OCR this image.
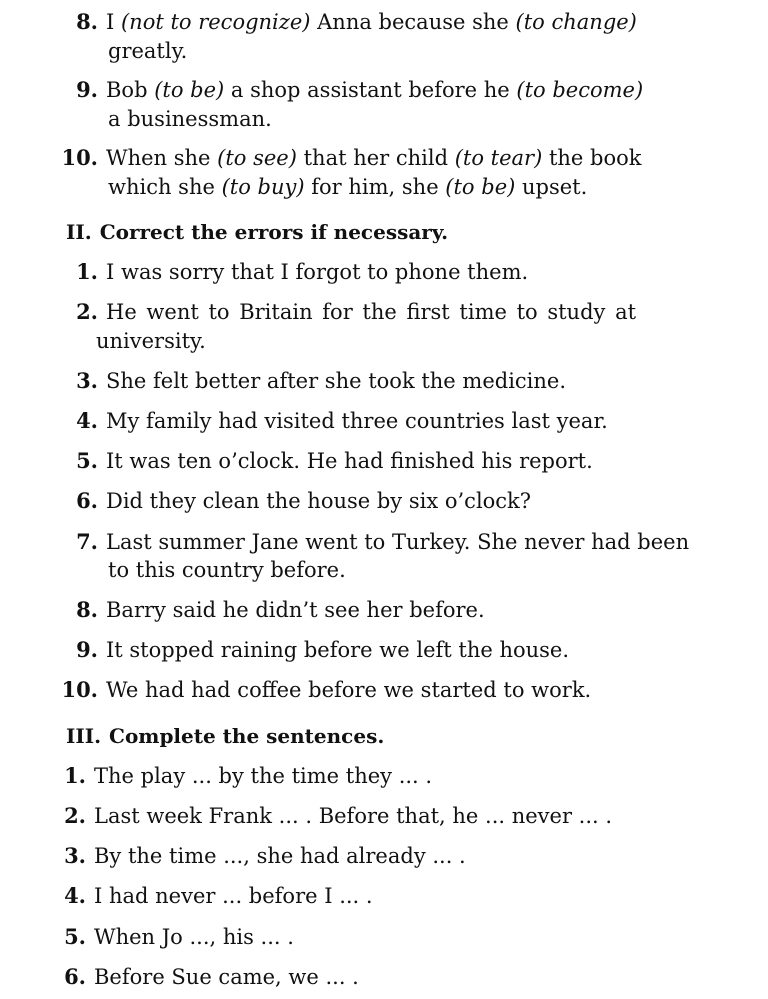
8. I (not to recognize) Anna because she (to change)
greatly.
9. Bob (to be) a shop assistant before he (to become)
a businessman.
10. When she (to see) that her child (to tear) the book
which she (to buy) for him, she (to be) upset.
II. Correct the errors if necessary.
1. I was sorry that I forgot to phone them.
2. He went to Britain for the first time to study at
university.
3. She felt better after she took the medicine.
4. My family had visited three countries last year.
5. It was ten o’clock. He had finished his report.
6. Did they clean the house by six o’clock?
7. Last summer Jane went to Turkey. She never had been
to this country before.
8. Barry said he didn’t see her before.
9. It stopped raining before we left the house.
10. We had had coffee before we started to work.
III. Complete the sentences.
1. The play ... by the time they ... .
2. Last week Frank ... . Before that, he ... never ... .
3. By the time ..., she had already ... .
4. I had never ... before I ... .
5. When Jo ..., his ... .
6. Before Sue came, we ... .
